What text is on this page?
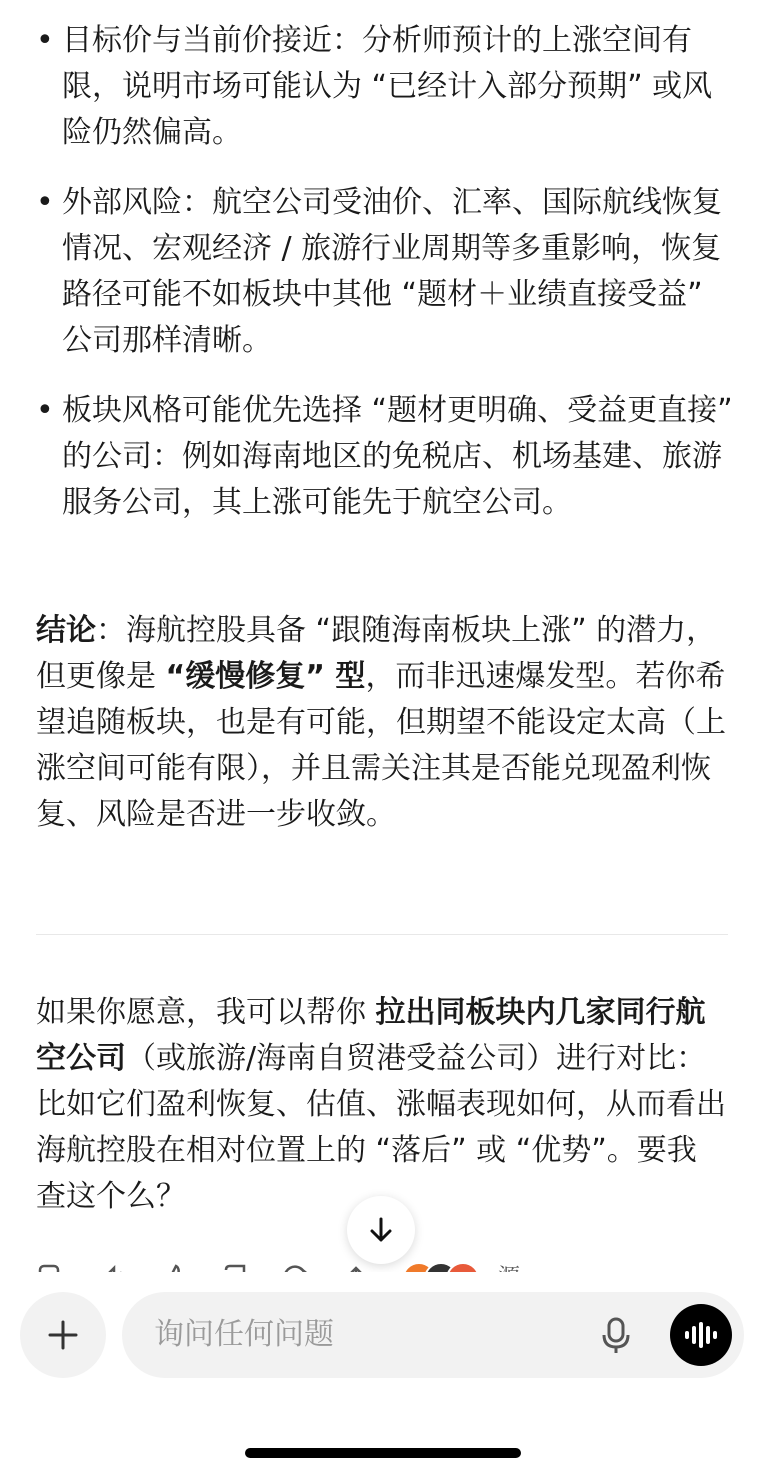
• 目标价与当前价接近：分析师预计的上涨空间有限，说明市场可能认为 “已经计入部分预期” 或风险仍然偏高。
• 外部风险：航空公司受油价、汇率、国际航线恢复情况、宏观经济 / 旅游行业周期等多重影响，恢复路径可能不如板块中其他 “题材＋业绩直接受益” 公司那样清晰。
• 板块风格可能优先选择 “题材更明确、受益更直接” 的公司：例如海南地区的免税店、机场基建、旅游服务公司，其上涨可能先于航空公司。
结论：海航控股具备 “跟随海南板块上涨” 的潜力，但更像是 “缓慢修复” 型，而非迅速爆发型。若你希望追随板块，也是有可能，但期望不能设定太高（上涨空间可能有限），并且需关注其是否能兑现盈利恢复、风险是否进一步收敛。
如果你愿意，我可以帮你 拉出同板块内几家同行航空公司（或旅游/海南自贸港受益公司）进行对比：比如它们盈利恢复、估值、涨幅表现如何，从而看出海航控股在相对位置上的 “落后” 或 “优势”。要我查这个么？
询问任何问题
